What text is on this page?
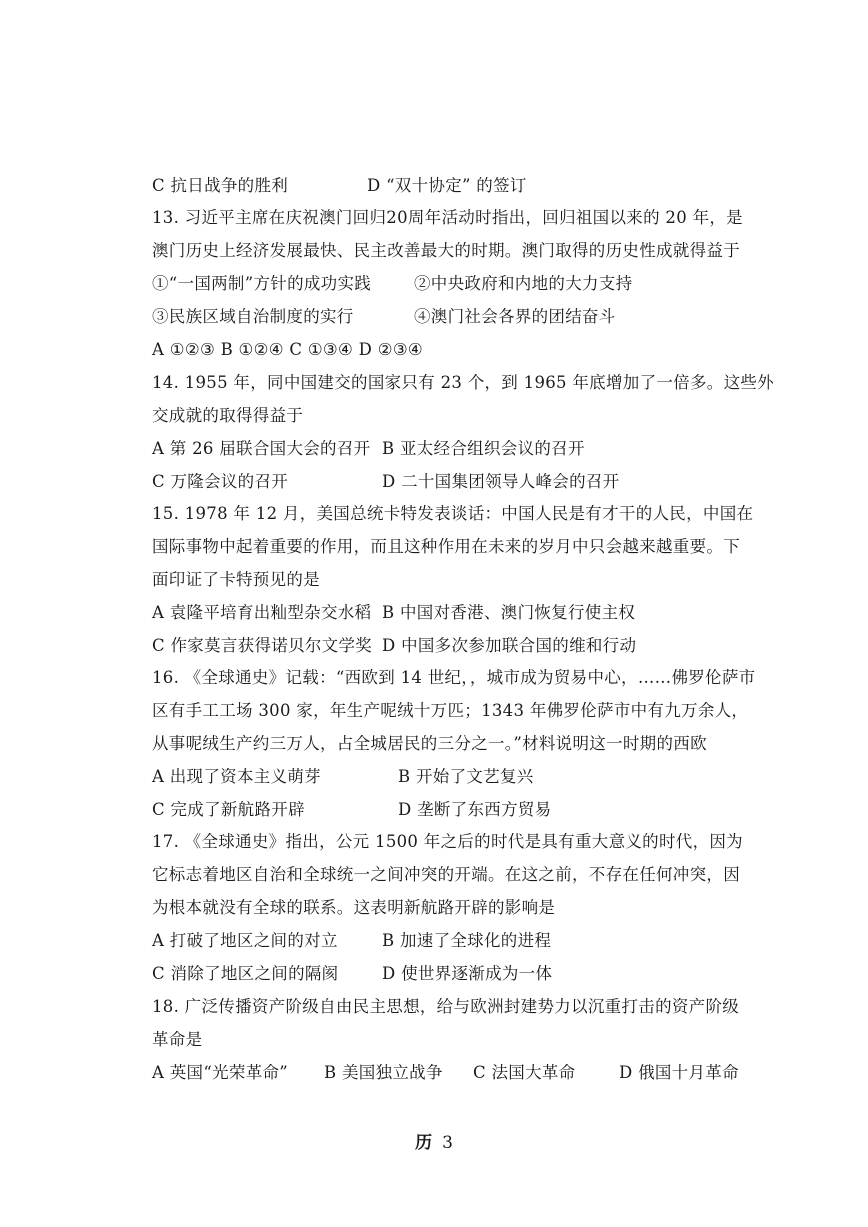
C 抗日战争的胜利	D “双十协定” 的签订
13. 习近平主席在庆祝澳门回归20周年活动时指出，回归祖国以来的 20 年，是
澳门历史上经济发展最快、民主改善最大的时期。澳门取得的历史性成就得益于
①“一国两制”方针的成功实践	②中央政府和内地的大力支持
③民族区域自治制度的实行	④澳门社会各界的团结奋斗
A ①②③ B ①②④ C ①③④ D ②③④
14. 1955 年，同中国建交的国家只有 23 个，到 1965 年底增加了一倍多。这些外
交成就的取得得益于
A 第 26 届联合国大会的召开 B 亚太经合组织会议的召开
C 万隆会议的召开	D 二十国集团领导人峰会的召开
15. 1978 年 12 月，美国总统卡特发表谈话：中国人民是有才干的人民，中国在
国际事物中起着重要的作用，而且这种作用在未来的岁月中只会越来越重要。下
面印证了卡特预见的是
A 袁隆平培育出籼型杂交水稻 B 中国对香港、澳门恢复行使主权
C 作家莫言获得诺贝尔文学奖 D 中国多次参加联合国的维和行动
16. 《全球通史》记载：“西欧到 14 世纪，，城市成为贸易中心，……佛罗伦萨市
区有手工工场 300 家，年生产呢绒十万匹；1343 年佛罗伦萨市中有九万余人，
从事呢绒生产约三万人，占全城居民的三分之一。”材料说明这一时期的西欧
A 出现了资本主义萌芽	B 开始了文艺复兴
C 完成了新航路开辟	D 垄断了东西方贸易
17. 《全球通史》指出，公元 1500 年之后的时代是具有重大意义的时代，因为
它标志着地区自治和全球统一之间冲突的开端。在这之前，不存在任何冲突，因
为根本就没有全球的联系。这表明新航路开辟的影响是
A 打破了地区之间的对立	B 加速了全球化的进程
C 消除了地区之间的隔阂	D 使世界逐渐成为一体
18. 广泛传播资产阶级自由民主思想，给与欧洲封建势力以沉重打击的资产阶级
革命是
A 英国“光荣革命” B 美国独立战争 C 法国大革命	D 俄国十月革命
历 3
